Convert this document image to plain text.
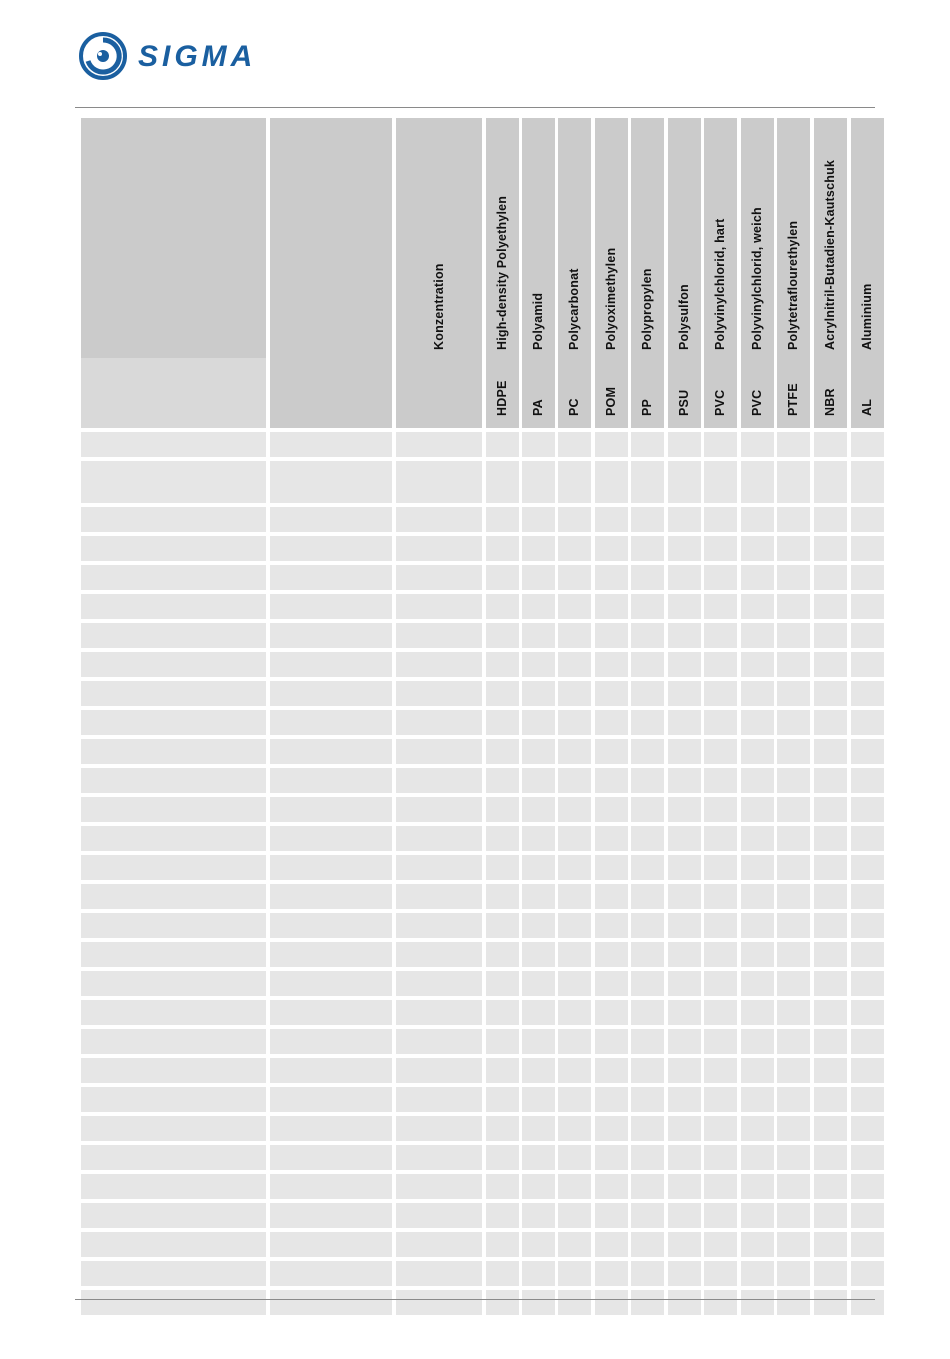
SIGMA
Konzentration	High-density Polyethylen
HDPE
Polyamid
PA
Polycarbonat
PC
Polyoximethylen
POM
Polypropylen
PP
Polysulfon
PSU
Polyvinylchlorid, hart
PVC
Polyvinylchlorid, weich
PVC
Polytetraflourethylen
PTFE
Acrylnitril-Butadien-Kautschuk
NBR
Aluminium
AL
